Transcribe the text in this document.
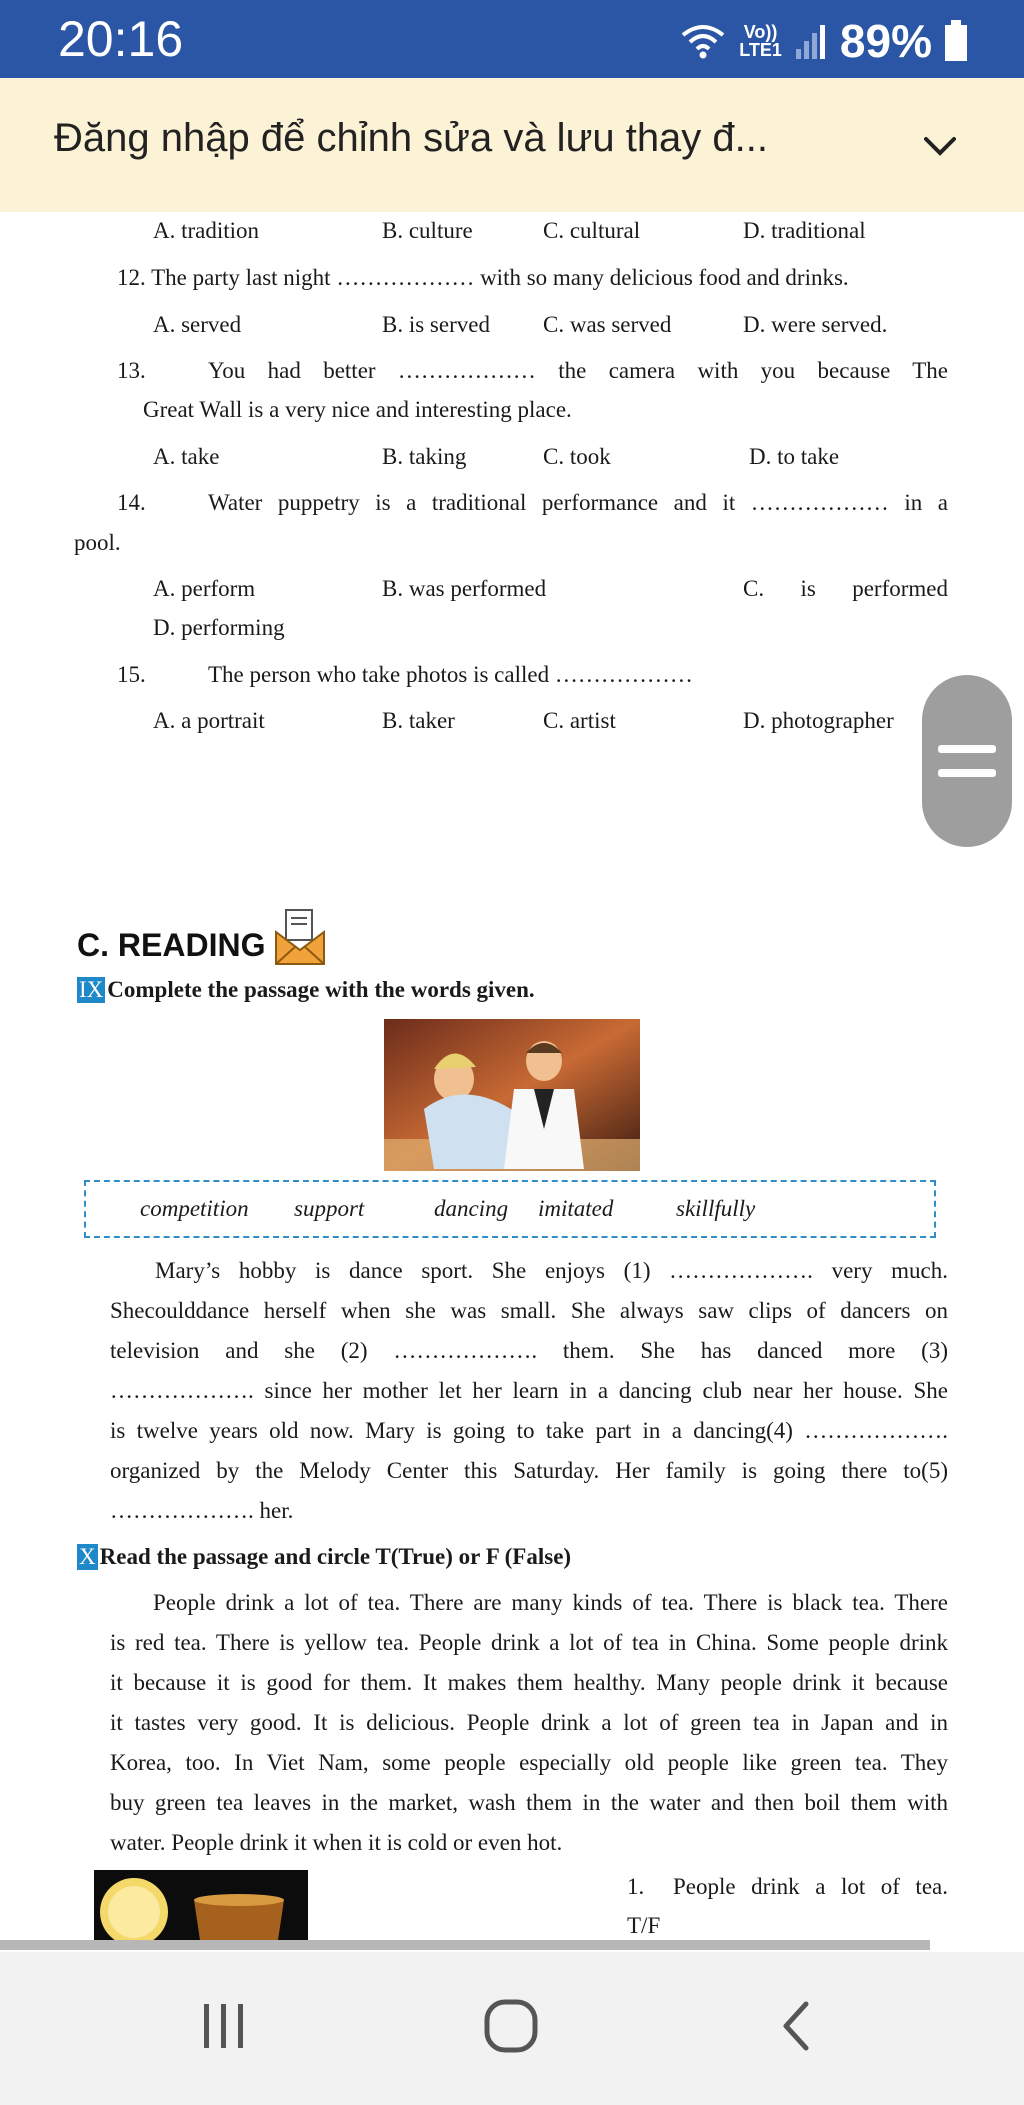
20:16	Vo))
LTE1 89%
Đăng nhập để chỉnh sửa và lưu thay đ...
A. tradition	B. culture	C. cultural	D. traditional
12. The party last night ……………… with so many delicious food and drinks.
A. served	B. is served C. was served	D. were served.
13.	You had better ……………… the camera with you because The
Great Wall is a very nice and interesting place.
A. take	B. taking	C. took	D. to take
14.	Water puppetry is a traditional performance and it ……………… in a
pool.
A. perform	B. was performed	C. is performed
D. performing
15.	The person who take photos is called ………………
A. a portrait	B. taker	C. artist	D. photographer
C. READING
IX Complete the passage with the words given.
competition support	dancing imitated	skillfully
Mary’s hobby is dance sport. She enjoys (1) ………………. very much.
Shecoulddance herself when she was small. She always saw clips of dancers on
television and she (2) ………………. them. She has danced more (3)
………………. since her mother let her learn in a dancing club near her house. She
is twelve years old now. Mary is going to take part in a dancing(4) ……………….
organized by the Melody Center this Saturday. Her family is going there to(5)
………………. her.
X Read the passage and circle T(True) or F (False)
People drink a lot of tea. There are many kinds of tea. There is black tea. There
is red tea. There is yellow tea. People drink a lot of tea in China. Some people drink
it because it is good for them. It makes them healthy. Many people drink it because
it tastes very good. It is delicious. People drink a lot of green tea in Japan and in
Korea, too. In Viet Nam, some people especially old people like green tea. They
buy green tea leaves in the market, wash them in the water and then boil them with
water. People drink it when it is cold or even hot.
1. People drink a lot of tea.
T/F
